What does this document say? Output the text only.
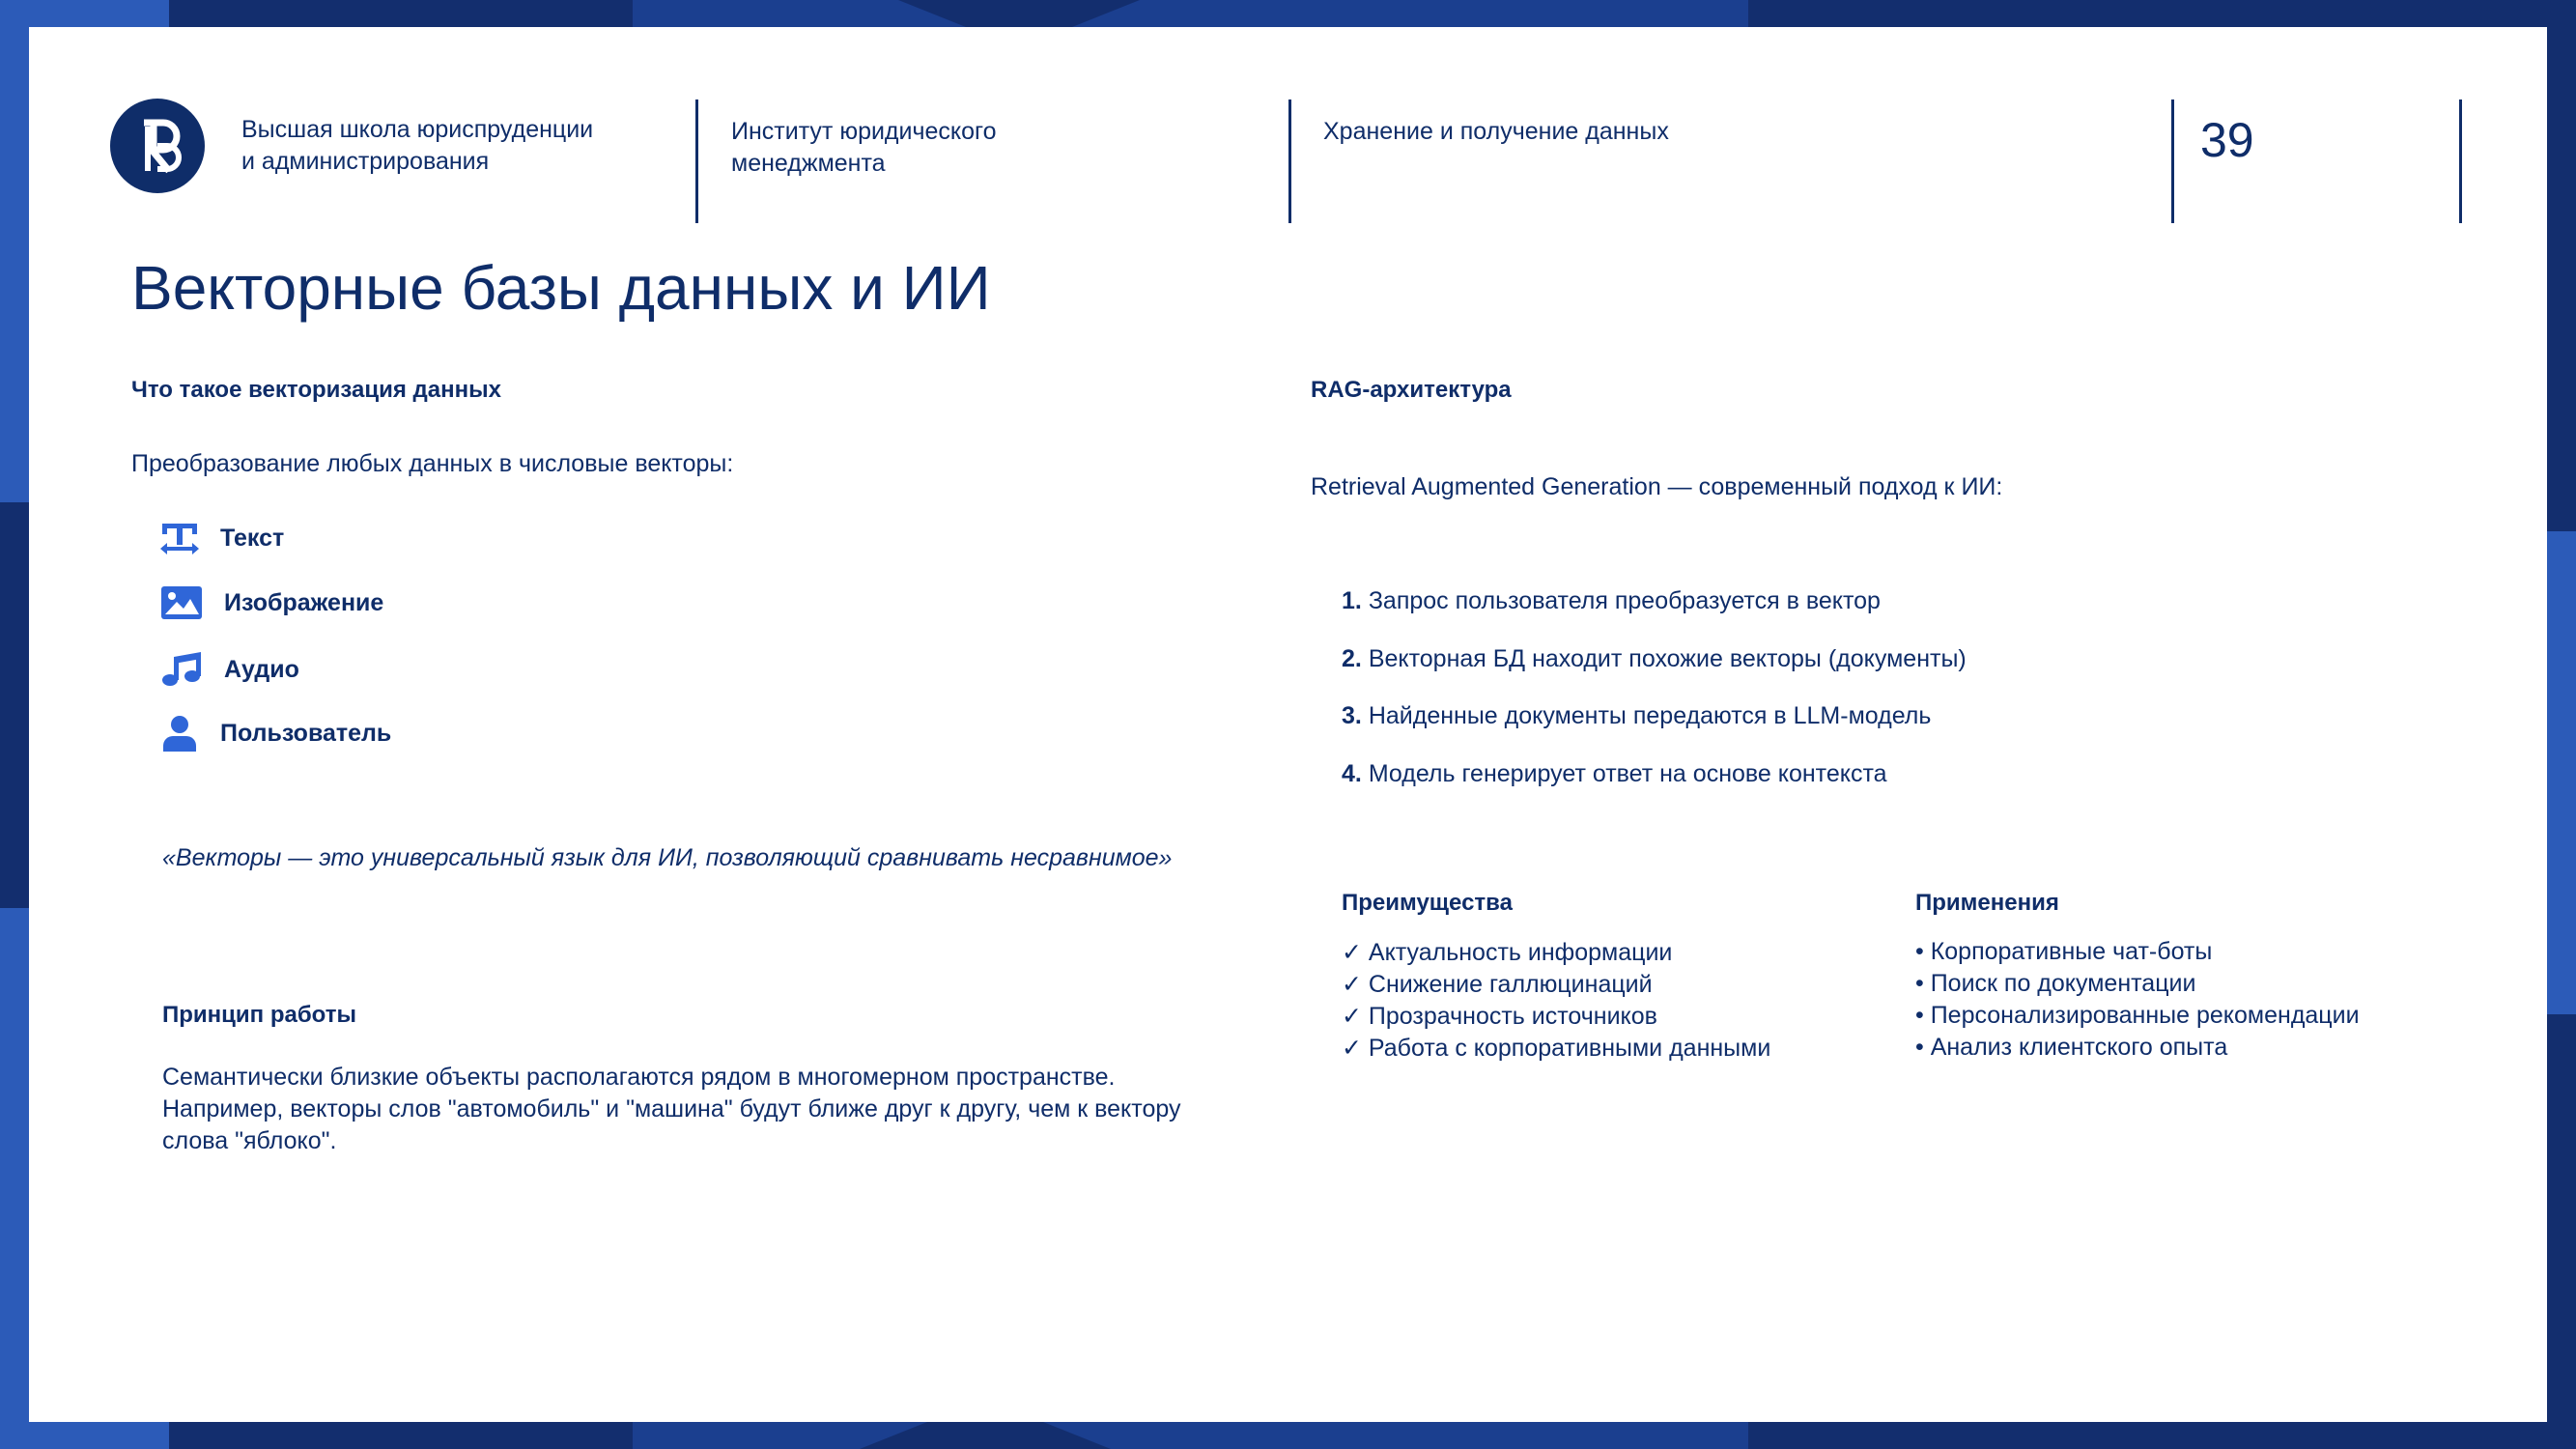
Высшая школа юриспруденции
и администрирования
Институт юридического
менеджмента
Хранение и получение данных	39
Векторные базы данных и ИИ
Что такое векторизация данных
Преобразование любых данных в числовые векторы:
Текст
Изображение
Аудио
Пользователь
«Векторы — это универсальный язык для ИИ, позволяющий сравнивать несравнимое»
Принцип работы
Семантически близкие объекты располагаются рядом в многомерном пространстве.
Например, векторы слов "автомобиль" и "машина" будут ближе друг к другу, чем к вектору
слова "яблоко".
RAG-архитектура
Retrieval Augmented Generation — современный подход к ИИ:
1. Запрос пользователя преобразуется в вектор
2. Векторная БД находит похожие векторы (документы)
3. Найденные документы передаются в LLM-модель
4. Модель генерирует ответ на основе контекста
Преимущества
✓ Актуальность информации
✓ Снижение галлюцинаций
✓ Прозрачность источников
✓ Работа с корпоративными данными
Применения
• Корпоративные чат-боты
• Поиск по документации
• Персонализированные рекомендации
• Анализ клиентского опыта
